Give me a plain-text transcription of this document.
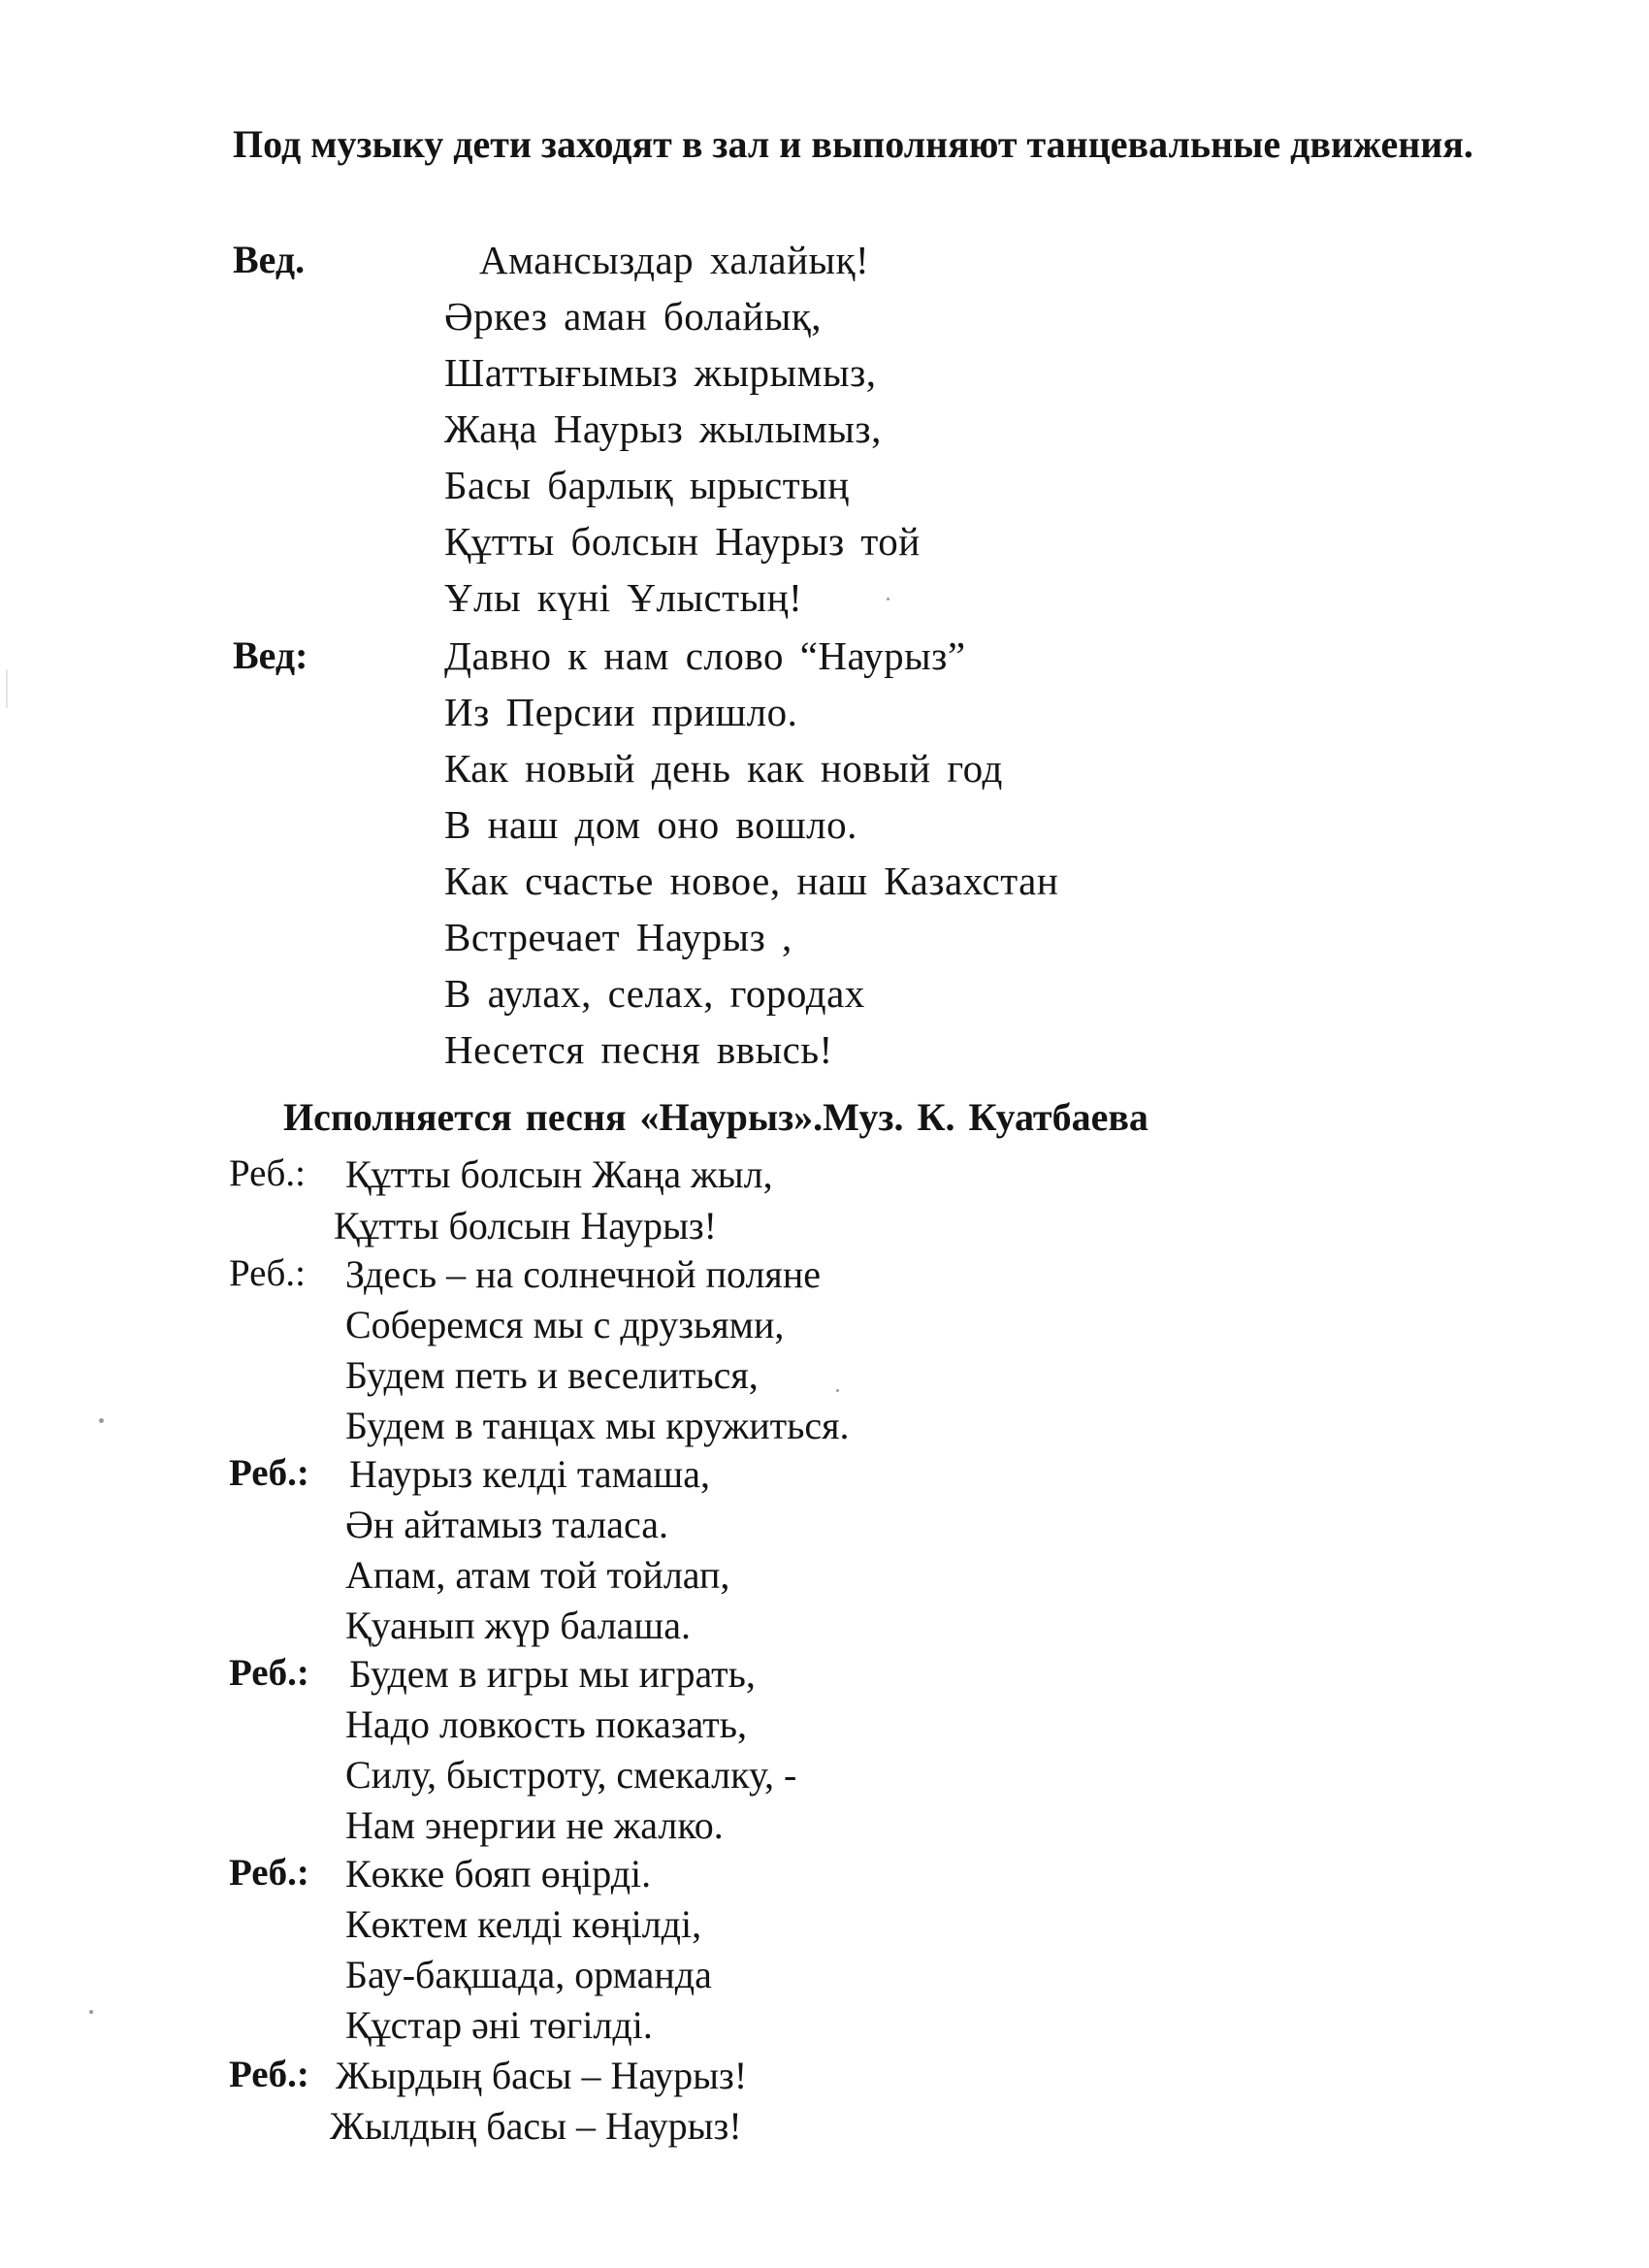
Под музыку дети заходят в зал и выполняют танцевальные движения.
Вед.	Амансыздар халайық!
Әркез аман болайық,
Шаттығымыз жырымыз,
Жаңа Наурыз жылымыз,
Басы барлық ырыстың
Құтты болсын Наурыз той
Ұлы күні Ұлыстың!
Вед:	Давно к нам слово “Наурыз”
Из Персии пришло.
Как новый день как новый год
В наш дом оно вошло.
Как счастье новое, наш Казахстан
Встречает Наурыз ,
В аулах, селах, городах
Несется песня ввысь!
Исполняется песня «Наурыз».Муз. К. Куатбаева
Реб.: Құтты болсын Жаңа жыл,
Құтты болсын Наурыз!
Реб.: Здесь – на солнечной поляне
Соберемся мы с друзьями,
Будем петь и веселиться,
Будем в танцах мы кружиться.
Реб.: Наурыз келді тамаша,
Ән айтамыз таласа.
Апам, атам той тойлап,
Қуанып жүр балаша.
Реб.: Будем в игры мы играть,
Надо ловкость показать,
Силу, быстроту, смекалку, -
Нам энергии не жалко.
Реб.: Көкке бояп өңірді.
Көктем келді көңілді,
Бау-бақшада, орманда
Құстар әні төгілді.
Реб.: Жырдың басы – Наурыз!
Жылдың басы – Наурыз!
